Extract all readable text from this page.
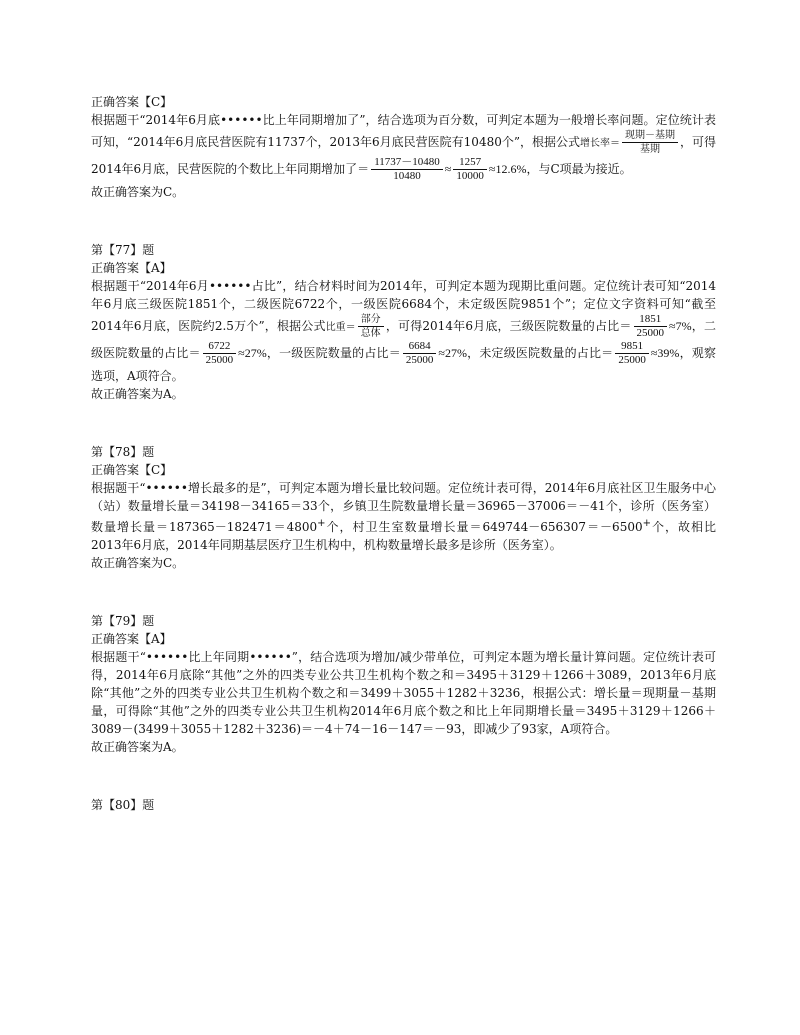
正确答案【C】

根据题干“2014年6月底••••••比上年同期增加了”，结合选项为百分数，可判定本题为一般增长率问题。定位统计表可知，“2014年6月底民营医院有11737个，2013年6月底民营医院有10480个”，根据公式增长率＝ $\frac{\text{现期－基期}}{\text{基期}}$ ，可得2014年6月底，民营医院的个数比上年同期增加了＝ $\frac{11737-10480}{10480} \approx \frac{1257}{10000} \approx 12.6\%$，与C项最为接近。

故正确答案为C。

第【77】题

正确答案【A】

根据题干“2014年6月••••••占比”，结合材料时间为2014年，可判定本题为现期比重问题。定位统计表可知“2014年6月底三级医院1851个，二级医院6722个，一级医院6684个，未定级医院9851个”；定位文字资料可知“截至2014年6月底，医院约2.5万个”，根据公式比重＝ $\frac{\text{部分}}{\text{总体}}$ ，可得2014年6月底，三级医院数量的占比＝ $\frac{1851}{25000} \approx 7\%$，二级医院数量的占比＝ $\frac{6722}{25000} \approx 27\%$，一级医院数量的占比＝ $\frac{6684}{25000} \approx 27\%$，未定级医院数量的占比＝ $\frac{9851}{25000} \approx 39\%$，观察选项，A项符合。

故正确答案为A。

第【78】题

正确答案【C】

根据题干“••••••增长最多的是”，可判定本题为增长量比较问题。定位统计表可得，2014年6月底社区卫生服务中心（站）数量增长量＝34198－34165＝33个，乡镇卫生院数量增长量＝36965－37006＝－41个，诊所（医务室）数量增长量＝187365－182471＝4800+个，村卫生室数量增长量＝649744－656307＝－6500+个，故相比2013年6月底，2014年同期基层医疗卫生机构中，机构数量增长最多是诊所（医务室）。

故正确答案为C。

第【79】题

正确答案【A】

根据题干“••••••比上年同期••••••”，结合选项为增加/减少带单位，可判定本题为增长量计算问题。定位统计表可得，2014年6月底除“其他”之外的四类专业公共卫生机构个数之和＝3495＋3129＋1266＋3089，2013年6月底除“其他”之外的四类专业公共卫生机构个数之和＝3499＋3055＋1282＋3236，根据公式：增长量＝现期量－基期量，可得除“其他”之外的四类专业公共卫生机构2014年6月底个数之和比上年同期增长量＝3495＋3129＋1266＋3089－(3499＋3055＋1282＋3236)＝－4＋74－16－147＝－93，即减少了93家，A项符合。

故正确答案为A。

第【80】题
